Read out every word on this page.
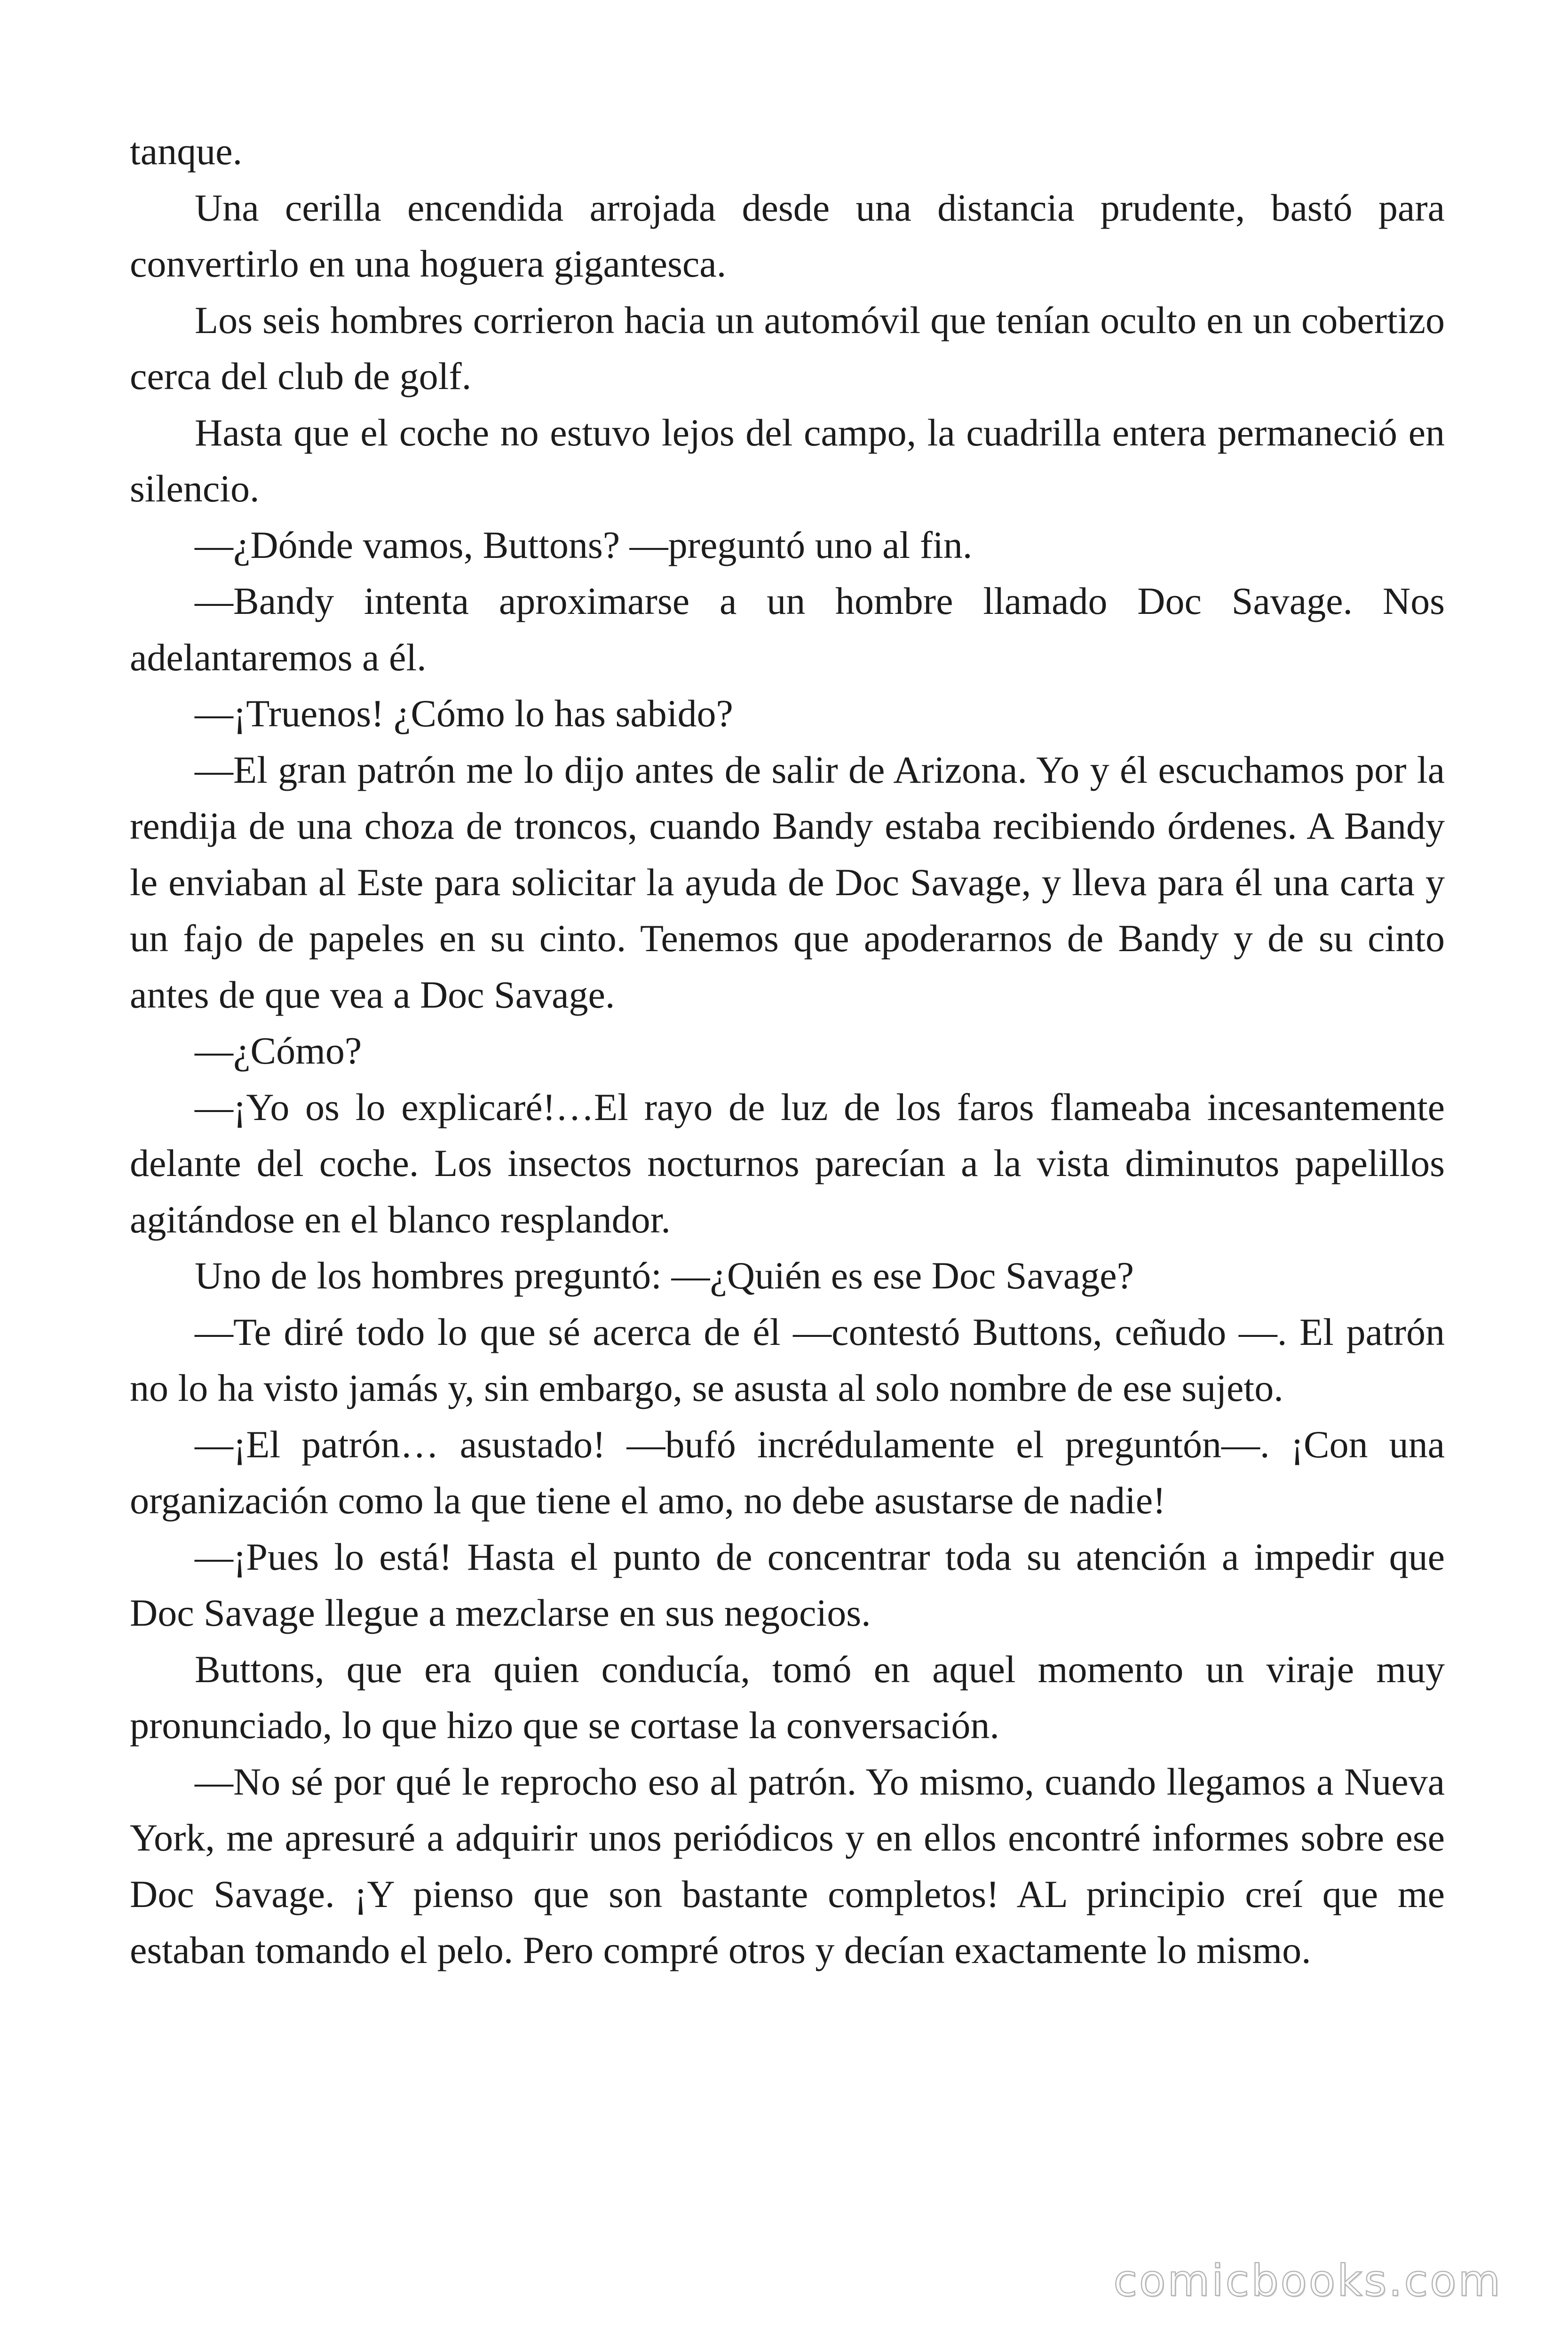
tanque.

Una cerilla encendida arrojada desde una distancia prudente, bastó para convertirlo en una hoguera gigantesca.

Los seis hombres corrieron hacia un automóvil que tenían oculto en un cobertizo cerca del club de golf.

Hasta que el coche no estuvo lejos del campo, la cuadrilla entera permaneció en silencio.

—¿Dónde vamos, Buttons? —preguntó uno al fin.

—Bandy intenta aproximarse a un hombre llamado Doc Savage. Nos adelantaremos a él.

—¡Truenos! ¿Cómo lo has sabido?

—El gran patrón me lo dijo antes de salir de Arizona. Yo y él escuchamos por la rendija de una choza de troncos, cuando Bandy estaba recibiendo órdenes. A Bandy le enviaban al Este para solicitar la ayuda de Doc Savage, y lleva para él una carta y un fajo de papeles en su cinto. Tenemos que apoderarnos de Bandy y de su cinto antes de que vea a Doc Savage.

—¿Cómo?

—¡Yo os lo explicaré!…El rayo de luz de los faros flameaba incesantemente delante del coche. Los insectos nocturnos parecían a la vista diminutos papelillos agitándose en el blanco resplandor.

Uno de los hombres preguntó: —¿Quién es ese Doc Savage?

—Te diré todo lo que sé acerca de él —contestó Buttons, ceñudo —. El patrón no lo ha visto jamás y, sin embargo, se asusta al solo nombre de ese sujeto.

—¡El patrón… asustado! —bufó incrédulamente el preguntón—. ¡Con una organización como la que tiene el amo, no debe asustarse de nadie!

—¡Pues lo está! Hasta el punto de concentrar toda su atención a impedir que Doc Savage llegue a mezclarse en sus negocios.

Buttons, que era quien conducía, tomó en aquel momento un viraje muy pronunciado, lo que hizo que se cortase la conversación.

—No sé por qué le reprocho eso al patrón. Yo mismo, cuando llegamos a Nueva York, me apresuré a adquirir unos periódicos y en ellos encontré informes sobre ese Doc Savage. ¡Y pienso que son bastante completos! AL principio creí que me estaban tomando el pelo. Pero compré otros y decían exactamente lo mismo.

comicbooks.com
